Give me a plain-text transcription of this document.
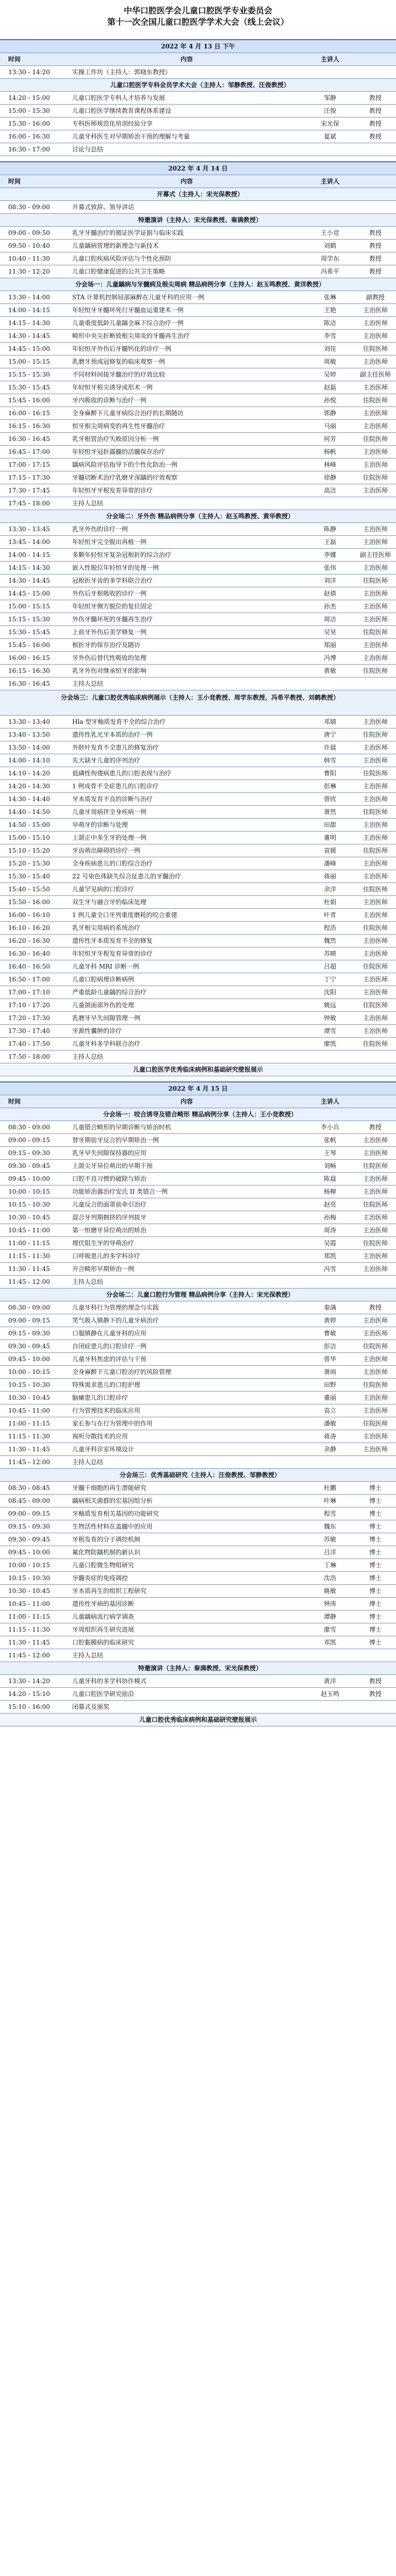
中华口腔医学会儿童口腔医学专业委员会
第十一次全国儿童口腔医学学术大会（线上会议）
2022 年 4 月 13 日 下午
时间	内容	主讲人
13:30 - 14:20	实操工作坊（主持人：郭晓东教授）
儿童口腔医学专科会员学术大会（主持人：邹静教授、汪俊教授）
14:20 - 15:00	儿童口腔医学专科人才培养与发展	邹静	教授
15:00 - 15:30	儿童口腔医学继续教育课程体系建设	汪俊	教授
15:30 - 16:00	专科医师规范化培训经验分享	宋光保	教授
16:00 - 16:30	儿童牙科医生对早期矫治干预的理解与考量	夏斌	教授
16:30 - 17:00	讨论与总结
2022 年 4 月 14 日
时间	内容	主讲人
开幕式（主持人：宋光保教授）
08:30 - 09:00	开幕式致辞、领导讲话
特邀演讲（主持人：宋光保教授、秦满教授）
09:00 - 09:50	乳牙牙髓治疗的循证医学证据与临床实践	王小竞	教授
09:50 - 10:40	儿童龋病管理的新理念与新技术	刘鹤	教授
10:40 - 11:30	儿童口腔疾病风险评估与个性化预防	周学东	教授
11:30 - 12:20	儿童口腔健康促进的公共卫生策略	冯希平	教授
分会场一：儿童龋病与牙髓病及根尖周病 精品病例分享（主持人：赵玉鸣教授、黄洋教授）
13:30 - 14:00	STA 计算机控制局部麻醉在儿童牙科的应用一例	张琳	副教授
14:00 - 14:15	年轻恒牙牙髓坏死行牙髓血运重建术一例	王艳	主治医师
14:15 - 14:30	儿童重度低龄儿童龋全麻下综合治疗一例	陈洁	主治医师
14:30 - 14:45	畸形中央尖折断致根尖周炎的牙髓再生治疗	李雪	主治医师
14:45 - 15:00	年轻恒牙外伤后牙髓钙化的诊疗一例	刘佳	住院医师
15:00 - 15:15	乳磨牙预成冠修复的临床观察一例	周敏	主治医师
15:15 - 15:30	不同材料间接牙髓治疗的疗效比较	吴婷	副主任医师
15:30 - 15:45	年轻恒牙根尖诱导成形术一例	赵磊	主治医师
15:45 - 16:00	牙内吸收的诊断与治疗一例	孙悦	住院医师
16:00 - 16:15	全身麻醉下儿童牙病综合治疗的长期随访	郭静	主治医师
16:15 - 16:30	恒牙根尖周病变的再生性牙髓治疗	马丽	主治医师
16:30 - 16:45	乳牙根管治疗失败原因分析一例	何芳	住院医师
16:45 - 17:00	年轻恒牙冠折露髓的活髓保存治疗	杨帆	主治医师
17:00 - 17:15	龋病风险评估指导下的个性化防治一例	林峰	主治医师
17:15 - 17:30	牙髓切断术治疗乳磨牙深龋的疗效观察	徐静	住院医师
17:30 - 17:45	年轻恒牙牙根发育异常的诊疗	高洁	主治医师
17:45 - 18:00	主持人总结
分会场二：牙外伤 精品病例分享（主持人：赵玉鸣教授、黄华教授）
13:30 - 13:45	乳牙外伤的诊疗一例	陈静	主治医师
13:45 - 14:00	年轻恒牙完全脱出再植一例	王磊	主治医师
14:00 - 14:15	多颗年轻恒牙复杂冠根折的综合治疗	李娜	副主任医师
14:15 - 14:30	嵌入性脱位年轻恒牙的处理一例	张伟	主治医师
14:30 - 14:45	冠根折牙齿的多学科联合治疗	刘洋	住院医师
14:45 - 15:00	外伤后牙根吸收的诊疗一例	赵倩	主治医师
15:00 - 15:15	年轻恒牙侧方脱位的复位固定	孙杰	主治医师
15:15 - 15:30	外伤牙髓坏死的牙髓再生治疗	周洁	主治医师
15:30 - 15:45	上前牙外伤后美学修复一例	吴昊	住院医师
15:45 - 16:00	根折牙的保存治疗及随访	郑丽	主治医师
16:00 - 16:15	牙外伤后替代性吸收的处理	冯博	主治医师
16:15 - 16:30	乳牙外伤对继承恒牙的影响	黄敏	住院医师
16:30 - 16:45	主持人总结
分会场三：儿童口腔优秀临床病例展示（主持人：王小竞教授、周学东教授、冯希平教授、刘鹤教授）
13:30 - 13:40	Hla 型牙釉质发育不全的综合治疗	邓婧	主治医师
13:40 - 13:50	遗传性乳光牙本质的治疗一例	唐宁	住院医师
13:50 - 14:00	外胚叶发育不全患儿的修复治疗	许晨	主治医师
14:00 - 14:10	先天缺牙儿童的序列治疗	韩雪	主治医师
14:10 - 14:20	低磷性佝偻病患儿的口腔表现与治疗	曹阳	住院医师
14:20 - 14:30	1 例成骨不全症患儿的口腔诊疗	彭琳	主治医师
14:30 - 14:40	牙本质发育不良的诊断与治疗	曾欣	主治医师
14:40 - 14:50	儿童牙周病伴全身疾病一例	萧然	住院医师
14:50 - 15:00	早萌牙的诊断与处理	田甜	主治医师
15:00 - 15:10	上颌正中多生牙的处理一例	董明	主治医师
15:10 - 15:20	牙齿萌出障碍的诊疗一例	袁媛	住院医师
15:20 - 15:30	全身疾病患儿的口腔综合治疗	潘峰	主治医师
15:30 - 15:40	22 号染色体缺失综合征患儿的牙髓治疗	蒋丽	主治医师
15:40 - 15:50	儿童罕见病的口腔诊疗	余洋	住院医师
15:50 - 16:00	双生牙与融合牙的临床处理	杜娟	主治医师
16:00 - 16:10	1 例儿童全口牙列重度磨耗的咬合重建	叶青	主治医师
16:10 - 16:20	乳牙根尖周病的系统治疗	程浩	住院医师
16:20 - 16:30	遗传性牙本质发育不全的修复	魏然	主治医师
16:30 - 16:40	年轻恒牙牙根发育异常的诊疗	苏晴	主治医师
16:40 - 16:50	儿童牙科 MRI 诊断一例	吕超	住院医师
16:50 - 17:00	儿童口腔病理诊断病例	丁宁	主治医师
17:00 - 17:10	严重低龄儿童龋的综合治疗	沈阳	主治医师
17:10 - 17:20	儿童颌面部外伤的处理	姚远	住院医师
17:20 - 17:30	乳磨牙早失间隙管理一例	钟敏	主治医师
17:30 - 17:40	牙源性囊肿的诊疗	谭雪	主治医师
17:40 - 17:50	儿童牙科多学科联合治疗	廖凯	住院医师
17:50 - 18:00	主持人总结
儿童口腔医学优秀临床病例和基础研究壁报展示
2022 年 4 月 15 日
时间	内容	主讲人
分会场一：咬合诱导及错合畸形 精品病例分享（主持人：王小竞教授）
08:30 - 09:00	儿童错合畸形的早期诊断与矫治时机	李小兵	教授
09:00 - 09:15	替牙期前牙反合的早期矫治一例	张帆	主治医师
09:15 - 09:30	乳牙早失间隙保持器的应用	王琴	主治医师
09:30 - 09:45	上颌尖牙异位萌出的早期干预	刘畅	住院医师
09:45 - 10:00	口腔不良习惯的破除与矫治	陈晨	主治医师
10:00 - 10:15	功能矫治器治疗安氏 II 类错合一例	杨柳	主治医师
10:15 - 10:30	儿童反合的面罩前牵引治疗	赵亮	住院医师
10:30 - 10:45	混合牙列期拥挤的序列拔牙	孙梅	主治医师
10:45 - 11:00	第一恒磨牙异位萌出的矫治	周涛	主治医师
11:00 - 11:15	埋伏阻生牙的导萌治疗	吴霞	住院医师
11:15 - 11:30	口呼吸患儿的多学科诊疗	郑凯	主治医师
11:30 - 11:45	开合畸形早期矫治一例	冯雪	主治医师
11:45 - 12:00	主持人总结
分会场二：儿童口腔行为管理 精品病例分享（主持人：宋光保教授）
08:30 - 09:00	儿童牙科行为管理的理念与实践	秦满	教授
09:00 - 09:15	笑气吸入镇静下的儿童牙病治疗	黄婷	主治医师
09:15 - 09:30	口服镇静在儿童牙科的应用	曹敏	主治医师
09:30 - 09:45	自闭症患儿的口腔诊疗一例	彭洁	住院医师
09:45 - 10:00	儿童牙科焦虑的评估与干预	曾华	主治医师
10:00 - 10:15	全身麻醉下儿童口腔治疗的风险管理	萧雨	主治医师
10:15 - 10:30	特殊需求患儿的口腔护理	田野	住院医师
10:30 - 10:45	脑瘫患儿的口腔诊疗	董丽	主治医师
10:45 - 11:00	行为管理技术的临床应用	袁立	主治医师
11:00 - 11:15	家长参与在行为管理中的作用	潘敏	住院医师
11:15 - 11:30	视听分散技术的应用	蒋涛	主治医师
11:30 - 11:45	儿童牙科诊室环境设计	余静	主治医师
11:45 - 12:00	主持人总结
分会场三：优秀基础研究（主持人：汪俊教授、邹静教授）
08:30 - 08:45	牙髓干细胞的再生潜能研究	杜鹏	博士
08:45 - 09:00	龋病相关菌群的宏基因组分析	叶琳	博士
09:00 - 09:15	牙釉质发育相关基因的功能研究	程雪	博士
09:15 - 09:30	生物活性材料在盖髓中的应用	魏东	博士
09:30 - 09:45	牙根发育的分子调控机制	苏敏	博士
09:45 - 10:00	氟化物防龋机制的新认识	吕洋	博士
10:00 - 10:15	儿童口腔微生物组研究	丁琳	博士
10:15 - 10:30	牙髓炎症的免疫调控	沈浩	博士
10:30 - 10:45	牙本质再生的组织工程研究	姚敏	博士
10:45 - 11:00	遗传性牙病的基因诊断	钟涛	博士
11:00 - 11:15	儿童龋病流行病学调查	谭静	博士
11:15 - 11:30	牙周组织再生研究进展	廖雪	博士
11:30 - 11:45	口腔黏膜病的临床研究	邓凯	博士
11:45 - 12:00	主持人总结
特邀演讲（主持人：秦满教授、宋光保教授）
13:30 - 14:20	儿童牙科的多学科协作模式	黄洋	教授
14:20 - 15:10	儿童口腔医学研究前沿	赵玉鸣	教授
15:10 - 16:00	闭幕式及颁奖
儿童口腔优秀临床病例和基础研究壁报展示
